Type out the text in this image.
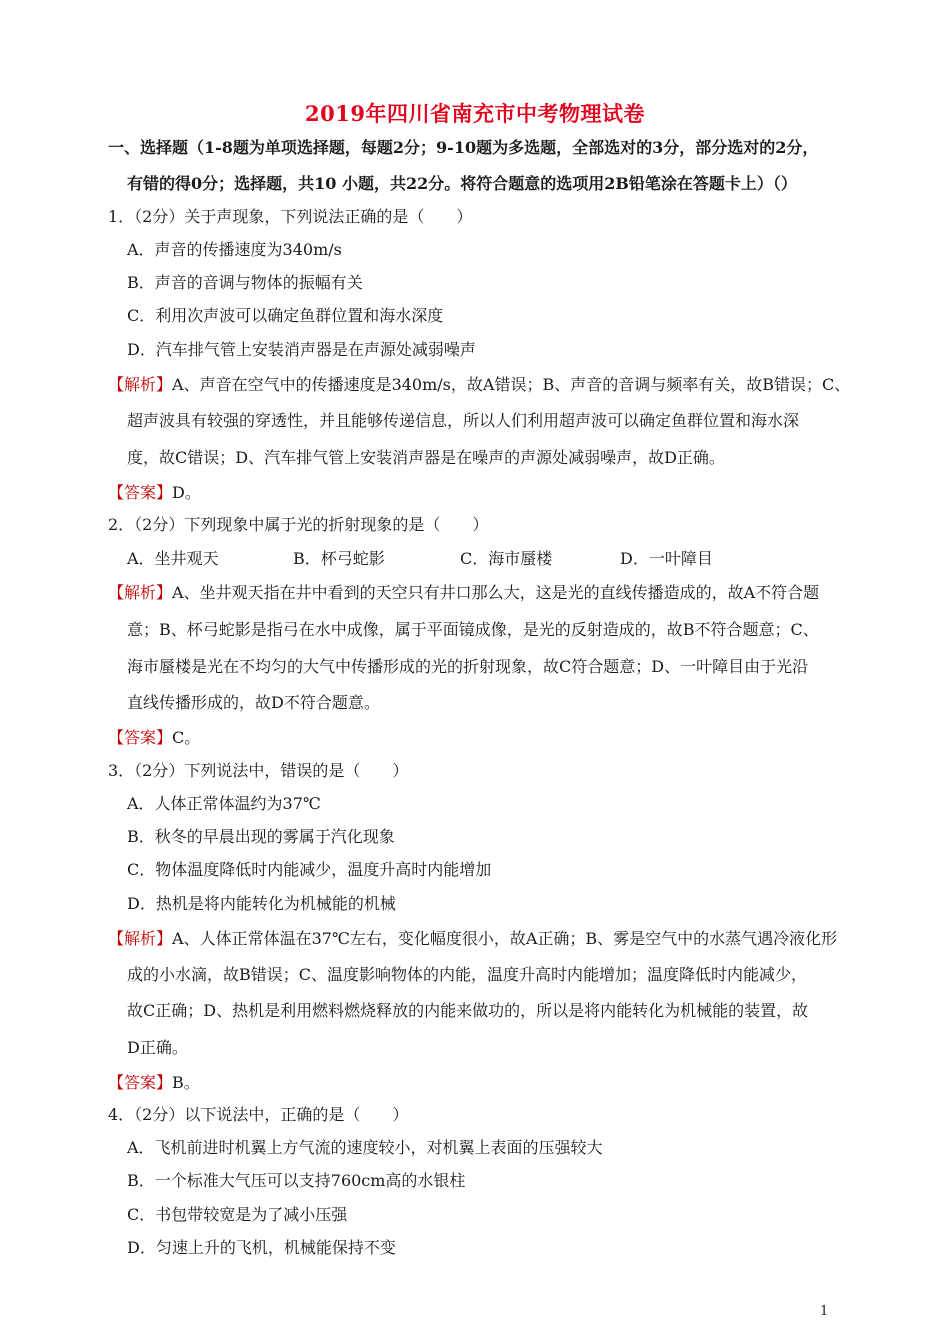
2019年四川省南充市中考物理试卷
一、选择题（1-8题为单项选择题，每题2分；9-10题为多选题，全部选对的3分，部分选对的2分，
有错的得0分；选择题，共10 小题，共22分。将符合题意的选项用2B铅笔涂在答题卡上）（）
1．（2分）关于声现象，下列说法正确的是（　　）
A．声音的传播速度为340m/s
B．声音的音调与物体的振幅有关
C．利用次声波可以确定鱼群位置和海水深度
D．汽车排气管上安装消声器是在声源处减弱噪声
【解析】A、声音在空气中的传播速度是340m/s，故A错误；B、声音的音调与频率有关，故B错误；C、
超声波具有较强的穿透性，并且能够传递信息，所以人们利用超声波可以确定鱼群位置和海水深
度，故C错误；D、汽车排气管上安装消声器是在噪声的声源处减弱噪声，故D正确。
【答案】D。
2．（2分）下列现象中属于光的折射现象的是（　　）
A．坐井观天	B．杯弓蛇影	C．海市蜃楼	D．一叶障目
【解析】A、坐井观天指在井中看到的天空只有井口那么大，这是光的直线传播造成的，故A不符合题
意；B、杯弓蛇影是指弓在水中成像，属于平面镜成像，是光的反射造成的，故B不符合题意；C、
海市蜃楼是光在不均匀的大气中传播形成的光的折射现象，故C符合题意；D、一叶障目由于光沿
直线传播形成的，故D不符合题意。
【答案】C。
3．（2分）下列说法中，错误的是（　　）
A．人体正常体温约为37℃
B．秋冬的早晨出现的雾属于汽化现象
C．物体温度降低时内能减少，温度升高时内能增加
D．热机是将内能转化为机械能的机械
【解析】A、人体正常体温在37℃左右，变化幅度很小，故A正确；B、雾是空气中的水蒸气遇冷液化形
成的小水滴，故B错误；C、温度影响物体的内能，温度升高时内能增加；温度降低时内能减少，
故C正确；D、热机是利用燃料燃烧释放的内能来做功的，所以是将内能转化为机械能的装置，故
D正确。
【答案】B。
4．（2分）以下说法中，正确的是（　　）
A．飞机前进时机翼上方气流的速度较小，对机翼上表面的压强较大
B．一个标准大气压可以支持760cm高的水银柱
C．书包带较宽是为了减小压强
D．匀速上升的飞机，机械能保持不变
1
